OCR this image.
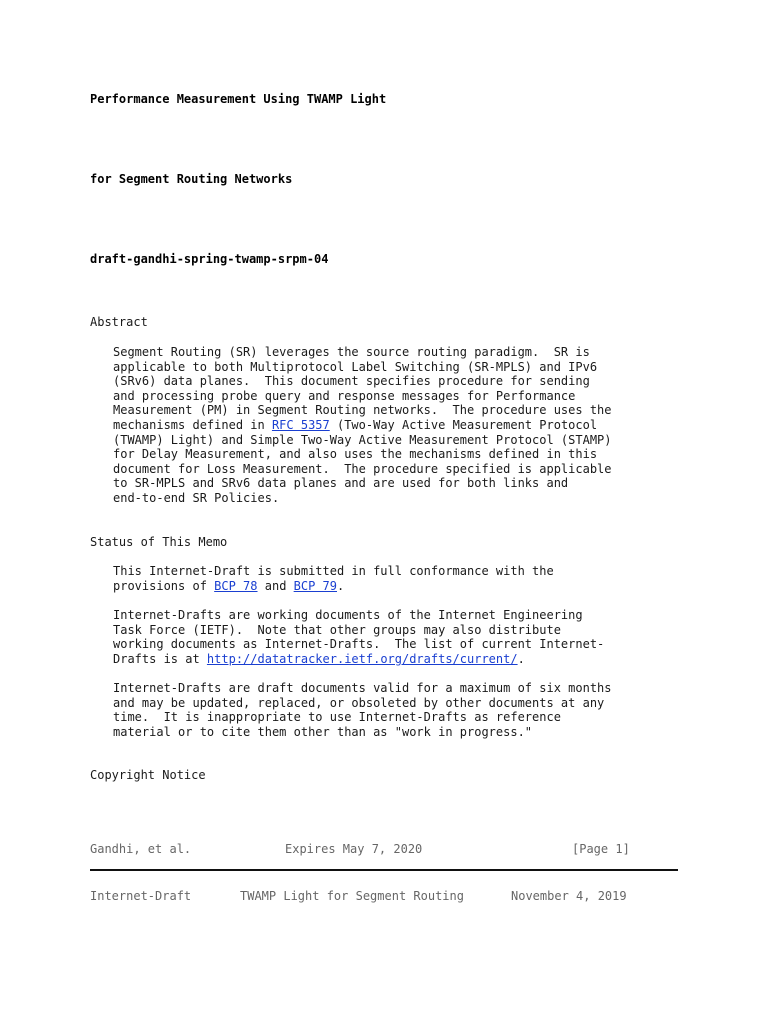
Performance Measurement Using TWAMP Light
for Segment Routing Networks
draft-gandhi-spring-twamp-srpm-04
Abstract
Segment Routing (SR) leverages the source routing paradigm.  SR is
applicable to both Multiprotocol Label Switching (SR-MPLS) and IPv6
(SRv6) data planes.  This document specifies procedure for sending
and processing probe query and response messages for Performance
Measurement (PM) in Segment Routing networks.  The procedure uses the
mechanisms defined in RFC 5357 (Two-Way Active Measurement Protocol
(TWAMP) Light) and Simple Two-Way Active Measurement Protocol (STAMP)
for Delay Measurement, and also uses the mechanisms defined in this
document for Loss Measurement.  The procedure specified is applicable
to SR-MPLS and SRv6 data planes and are used for both links and
end-to-end SR Policies.
Status of This Memo
This Internet-Draft is submitted in full conformance with the
provisions of BCP 78 and BCP 79.
Internet-Drafts are working documents of the Internet Engineering
Task Force (IETF).  Note that other groups may also distribute
working documents as Internet-Drafts.  The list of current Internet-
Drafts is at http://datatracker.ietf.org/drafts/current/.
Internet-Drafts are draft documents valid for a maximum of six months
and may be updated, replaced, or obsoleted by other documents at any
time.  It is inappropriate to use Internet-Drafts as reference
material or to cite them other than as "work in progress."
Copyright Notice
Gandhi, et al.	Expires May 7, 2020	[Page 1]
Internet-Draft	TWAMP Light for Segment Routing	November 4, 2019
